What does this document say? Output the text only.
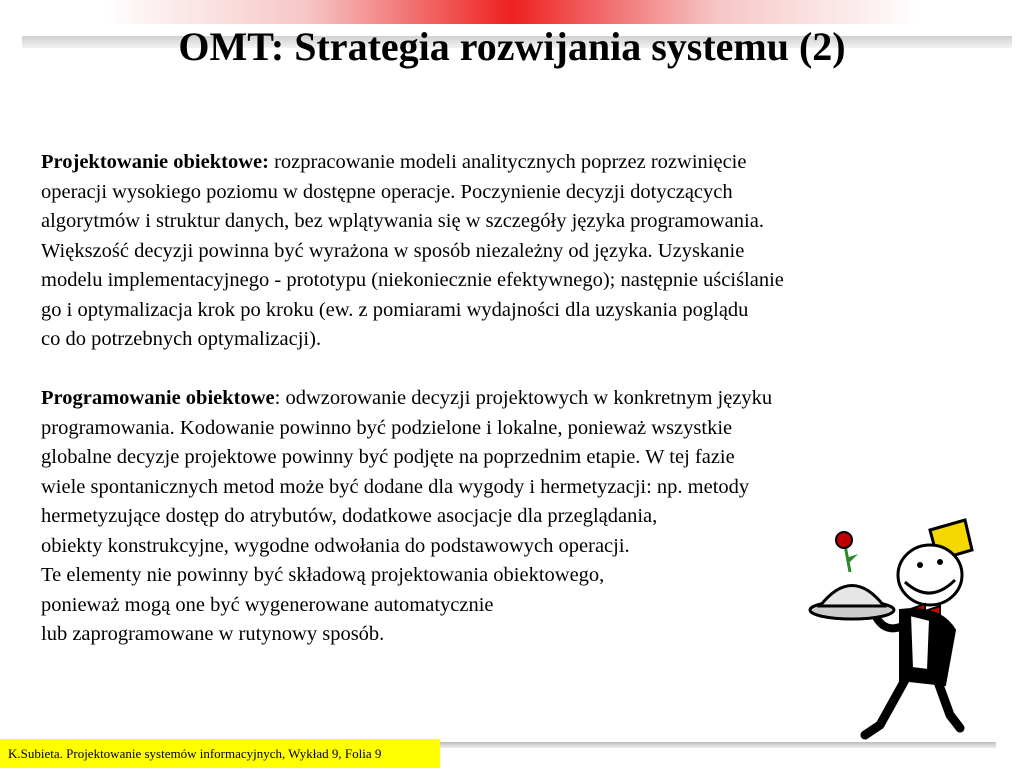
OMT: Strategia rozwijania systemu (2)

Projektowanie obiektowe: rozpracowanie modeli analitycznych poprzez rozwinięcie
operacji wysokiego poziomu w dostępne operacje. Poczynienie decyzji dotyczących
algorytmów i struktur danych, bez wplątywania się w szczegóły języka programowania.
Większość decyzji powinna być wyrażona w sposób niezależny od języka. Uzyskanie
modelu implementacyjnego - prototypu (niekoniecznie efektywnego); następnie uściślanie
go i optymalizacja krok po kroku (ew. z pomiarami wydajności dla uzyskania poglądu
co do potrzebnych optymalizacji).

Programowanie obiektowe: odwzorowanie decyzji projektowych w konkretnym języku
programowania. Kodowanie powinno być podzielone i lokalne, ponieważ wszystkie
globalne decyzje projektowe powinny być podjęte na poprzednim etapie. W tej fazie
wiele spontanicznych metod może być dodane dla wygody i hermetyzacji: np. metody
hermetyzujące dostęp do atrybutów, dodatkowe asocjacje dla przeglądania,
obiekty konstrukcyjne, wygodne odwołania do podstawowych operacji.
Te elementy nie powinny być składową projektowania obiektowego,
ponieważ mogą one być wygenerowane automatycznie
lub zaprogramowane w rutynowy sposób.

K.Subieta. Projektowanie systemów informacyjnych, Wykład 9, Folia 9
